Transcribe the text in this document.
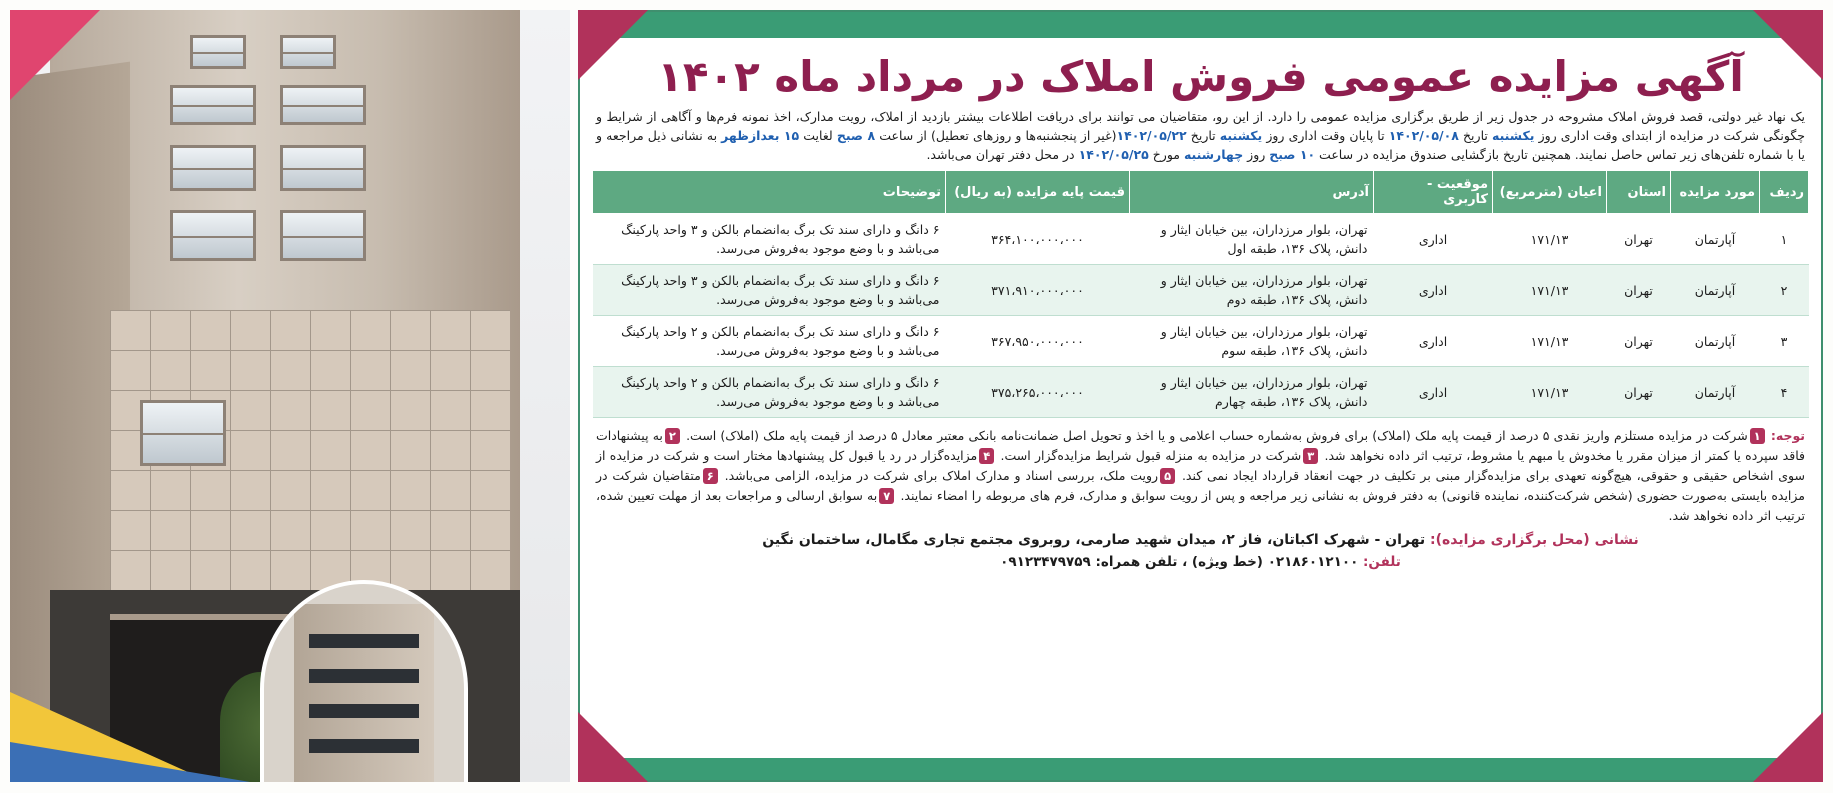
آگهی مزایده عمومی فروش املاک در مرداد ماه ۱۴۰۲
یک نهاد غیر دولتی، قصد فروش املاک مشروحه در جدول زیر از طریق برگزاری مزایده عمومی را دارد. از این رو، متقاضیان می توانند برای دریافت اطلاعات بیشتر بازدید از املاک، رویت مدارک، اخذ نمونه فرم‌ها و آگاهی از شرایط و چگونگی شرکت در مزایده از ابتدای وقت اداری روز یکشنبه تاریخ ۱۴۰۲/۰۵/۰۸ تا پایان وقت اداری روز یکشنبه تاریخ ۱۴۰۲/۰۵/۲۲(غیر از پنجشنبه‌ها و روزهای تعطیل) از ساعت ۸ صبح لغایت ۱۵ بعدازظهر به نشانی ذیل مراجعه و یا با شماره تلفن‌های زیر تماس حاصل نمایند. همچنین تاریخ بازگشایی صندوق مزایده در ساعت ۱۰ صبح روز چهارشنبه مورخ ۱۴۰۲/۰۵/۲۵ در محل دفتر تهران می‌باشد.
ردیف	مورد مزایده	استان	اعیان (مترمربع)	موقعیت - کاربری	آدرس	قیمت پایه مزایده (به ریال)	توضیحات
۱	آپارتمان	تهران	۱۷۱/۱۳	اداری	تهران، بلوار مرزداران، بین خیابان ایثار و دانش، پلاک ۱۳۶، طبقه اول	۳۶۴،۱۰۰،۰۰۰،۰۰۰	۶ دانگ و دارای سند تک برگ به‌انضمام بالکن و ۳ واحد پارکینگ می‌باشد و با وضع موجود به‌فروش می‌رسد.
۲	آپارتمان	تهران	۱۷۱/۱۳	اداری	تهران، بلوار مرزداران، بین خیابان ایثار و دانش، پلاک ۱۳۶، طبقه دوم	۳۷۱،۹۱۰،۰۰۰،۰۰۰	۶ دانگ و دارای سند تک برگ به‌انضمام بالکن و ۳ واحد پارکینگ می‌باشد و با وضع موجود به‌فروش می‌رسد.
۳	آپارتمان	تهران	۱۷۱/۱۳	اداری	تهران، بلوار مرزداران، بین خیابان ایثار و دانش، پلاک ۱۳۶، طبقه سوم	۳۶۷،۹۵۰،۰۰۰،۰۰۰	۶ دانگ و دارای سند تک برگ به‌انضمام بالکن و ۲ واحد پارکینگ می‌باشد و با وضع موجود به‌فروش می‌رسد.
۴	آپارتمان	تهران	۱۷۱/۱۳	اداری	تهران، بلوار مرزداران، بین خیابان ایثار و دانش، پلاک ۱۳۶، طبقه چهارم	۳۷۵،۲۶۵،۰۰۰،۰۰۰	۶ دانگ و دارای سند تک برگ به‌انضمام بالکن و ۲ واحد پارکینگ می‌باشد و با وضع موجود به‌فروش می‌رسد.
توجه: ۱شرکت در مزایده مستلزم واریز نقدی ۵ درصد از قیمت پایه ملک (املاک) برای فروش به‌شماره حساب اعلامی و یا اخذ و تحویل اصل ضمانت‌نامه بانکی معتبر معادل ۵ درصد از قیمت پایه ملک (املاک) است. ۲به پیشنهادات فاقد سپرده یا کمتر از میزان مقرر یا مخدوش یا مبهم یا مشروط، ترتیب اثر داده نخواهد شد. ۳شرکت در مزایده به منزله قبول شرایط مزایده‌گزار است. ۴مزایده‌گزار در رد یا قبول کل پیشنهادها مختار است و شرکت در مزایده از سوی اشخاص حقیقی و حقوقی، هیچ‌گونه تعهدی برای مزایده‌گزار مبنی بر تکلیف در جهت انعقاد قرارداد ایجاد نمی کند. ۵رویت ملک، بررسی اسناد و مدارک املاک برای شرکت در مزایده، الزامی می‌باشد. ۶متقاضیان شرکت در مزایده بایستی به‌صورت حضوری (شخص شرکت‌کننده، نماینده قانونی) به دفتر فروش به نشانی زیر مراجعه و پس از رویت سوابق و مدارک، فرم های مربوطه را امضاء نمایند. ۷به سوابق ارسالی و مراجعات بعد از مهلت تعیین شده، ترتیب اثر داده نخواهد شد.
نشانی (محل برگزاری مزایده): تهران - شهرک اکباتان، فاز ۲، میدان شهید صارمی، روبروی مجتمع تجاری مگامال، ساختمان نگین
تلفن: ۰۲۱۸۶۰۱۲۱۰۰ (خط ویژه) ، تلفن همراه: ۰۹۱۲۳۴۷۹۷۵۹
